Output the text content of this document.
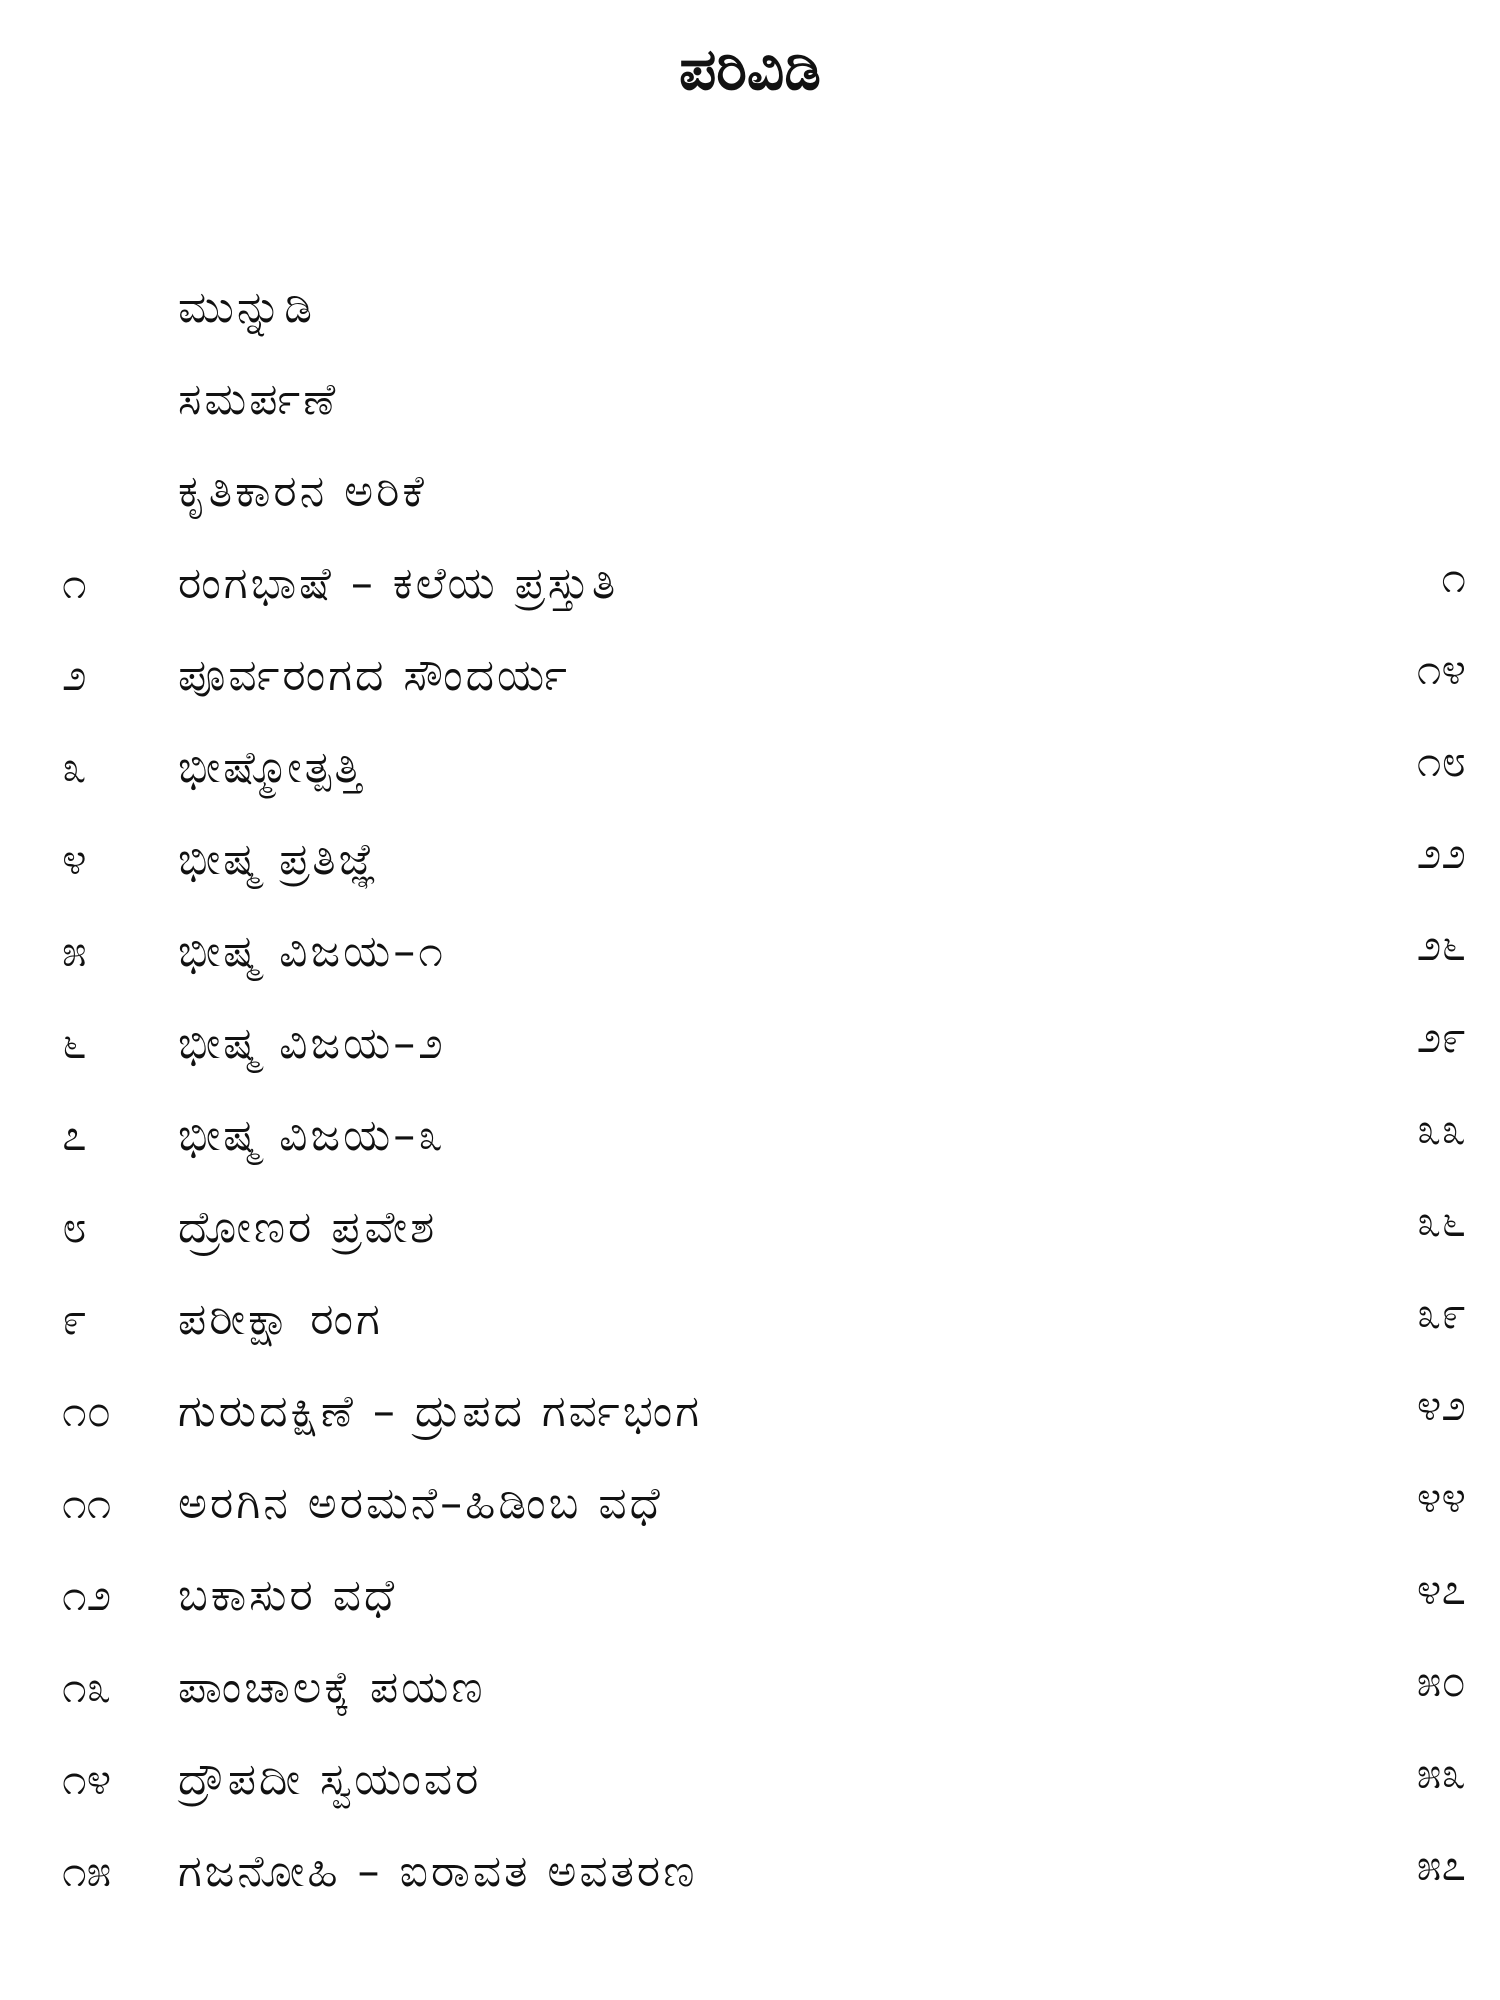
ಪರಿವಿಡಿ
ಮುನ್ನುಡಿ
ಸಮರ್ಪಣೆ
ಕೃತಿಕಾರನ ಅರಿಕೆ
೧	ರಂಗಭಾಷೆ – ಕಲೆಯ ಪ್ರಸ್ತುತಿ	೧
೨	ಪೂರ್ವರಂಗದ ಸೌಂದರ್ಯ	೧೪
೩	ಭೀಷ್ಮೋತ್ಪತ್ತಿ	೧೮
೪	ಭೀಷ್ಮ ಪ್ರತಿಜ್ಞೆ	೨೨
೫	ಭೀಷ್ಮ ವಿಜಯ–೧	೨೬
೬	ಭೀಷ್ಮ ವಿಜಯ–೨	೨೯
೭	ಭೀಷ್ಮ ವಿಜಯ–೩	೩೩
೮	ದ್ರೋಣರ ಪ್ರವೇಶ	೩೬
೯	ಪರೀಕ್ಷಾ ರಂಗ	೩೯
೧೦	ಗುರುದಕ್ಷಿಣೆ – ದ್ರುಪದ ಗರ್ವಭಂಗ	೪೨
೧೧	ಅರಗಿನ ಅರಮನೆ–ಹಿಡಿಂಬ ವಧೆ	೪೪
೧೨	ಬಕಾಸುರ ವಧೆ	೪೭
೧೩	ಪಾಂಚಾಲಕ್ಕೆ ಪಯಣ	೫೦
೧೪	ದ್ರೌಪದೀ ಸ್ವಯಂವರ	೫೩
೧೫	ಗಜನೋಹಿ – ಐರಾವತ ಅವತರಣ	೫೭
